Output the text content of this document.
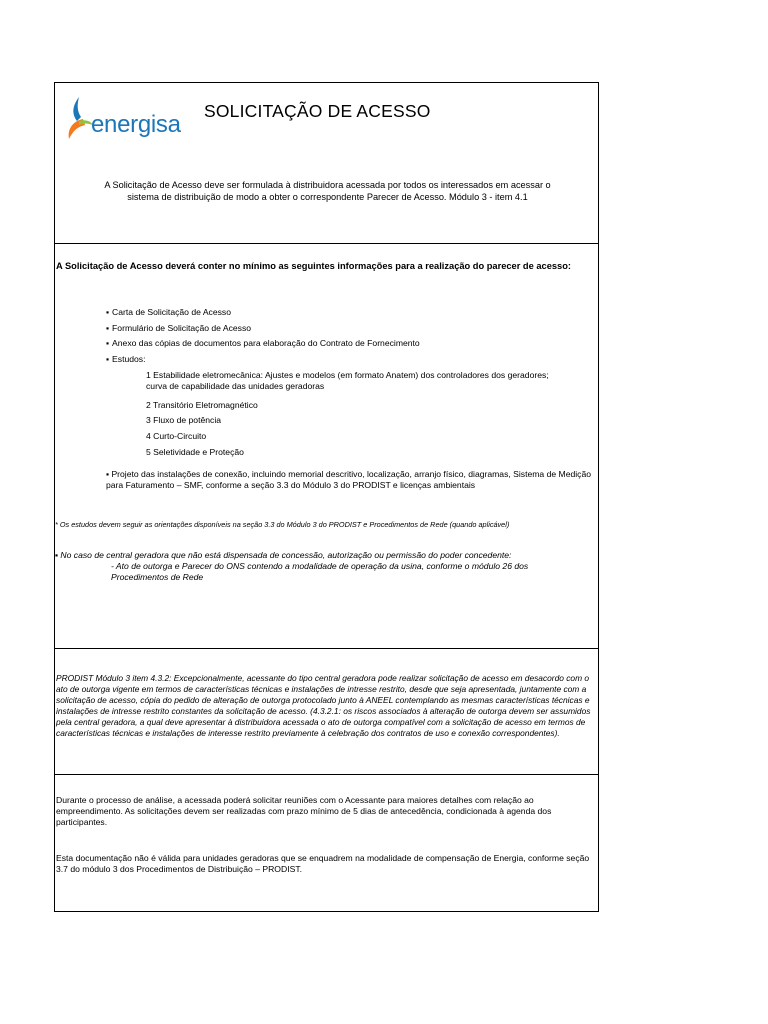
energisa SOLICITAÇÃO DE ACESSO
A Solicitação de Acesso deve ser formulada à distribuidora acessada por todos os interessados em acessar o sistema de distribuição de modo a obter o correspondente Parecer de Acesso. Módulo 3 - item 4.1
A Solicitação de Acesso deverá conter no mínimo as seguintes informações para a realização do parecer de acesso:
▪ Carta de Solicitação de Acesso
▪ Formulário de Solicitação de Acesso
▪ Anexo das cópias de documentos para elaboração do Contrato de Fornecimento
▪ Estudos:
1 Estabilidade eletromecânica: Ajustes e modelos (em formato Anatem) dos controladores dos geradores; curva de capabilidade das unidades geradoras
2 Transitório Eletromagnético
3 Fluxo de potência
4 Curto-Circuito
5 Seletividade e Proteção
▪ Projeto das instalações de conexão, incluindo memorial descritivo, localização, arranjo físico, diagramas, Sistema de Medição para Faturamento – SMF, conforme a seção 3.3 do Módulo 3 do PRODIST e licenças ambientais
* Os estudos devem seguir as orientações disponíveis na seção 3.3 do Módulo 3 do PRODIST e Procedimentos de Rede (quando aplicável)
▪ No caso de central geradora que não está dispensada de concessão, autorização ou permissão do poder concedente:
- Ato de outorga e Parecer do ONS contendo a modalidade de operação da usina, conforme o módulo 26 dos Procedimentos de Rede
PRODIST Módulo 3 item 4.3.2: Excepcionalmente, acessante do tipo central geradora pode realizar solicitação de acesso em desacordo com o ato de outorga vigente em termos de características técnicas e instalações de intresse restrito, desde que seja apresentada, juntamente com a solicitação de acesso, cópia do pedido de alteração de outorga protocolado junto à ANEEL contemplando as mesmas características técnicas e instalações de intresse restrito constantes da solicitação de acesso. (4.3.2.1: os riscos associados à alteração de outorga devem ser assumidos pela central geradora, a qual deve apresentar à distribuidora acessada o ato de outorga compatível com a solicitação de acesso em termos de características técnicas e instalações de interesse restrito previamente à celebração dos contratos de uso e conexão correspondentes).
Durante o processo de análise, a acessada poderá solicitar reuniões com o Acessante para maiores detalhes com relação ao empreendimento. As solicitações devem ser realizadas com prazo mínimo de 5 dias de antecedência, condicionada à agenda dos participantes.
Esta documentação não é válida para unidades geradoras que se enquadrem na modalidade de compensação de Energia, conforme seção 3.7 do módulo 3 dos Procedimentos de Distribuição – PRODIST.
